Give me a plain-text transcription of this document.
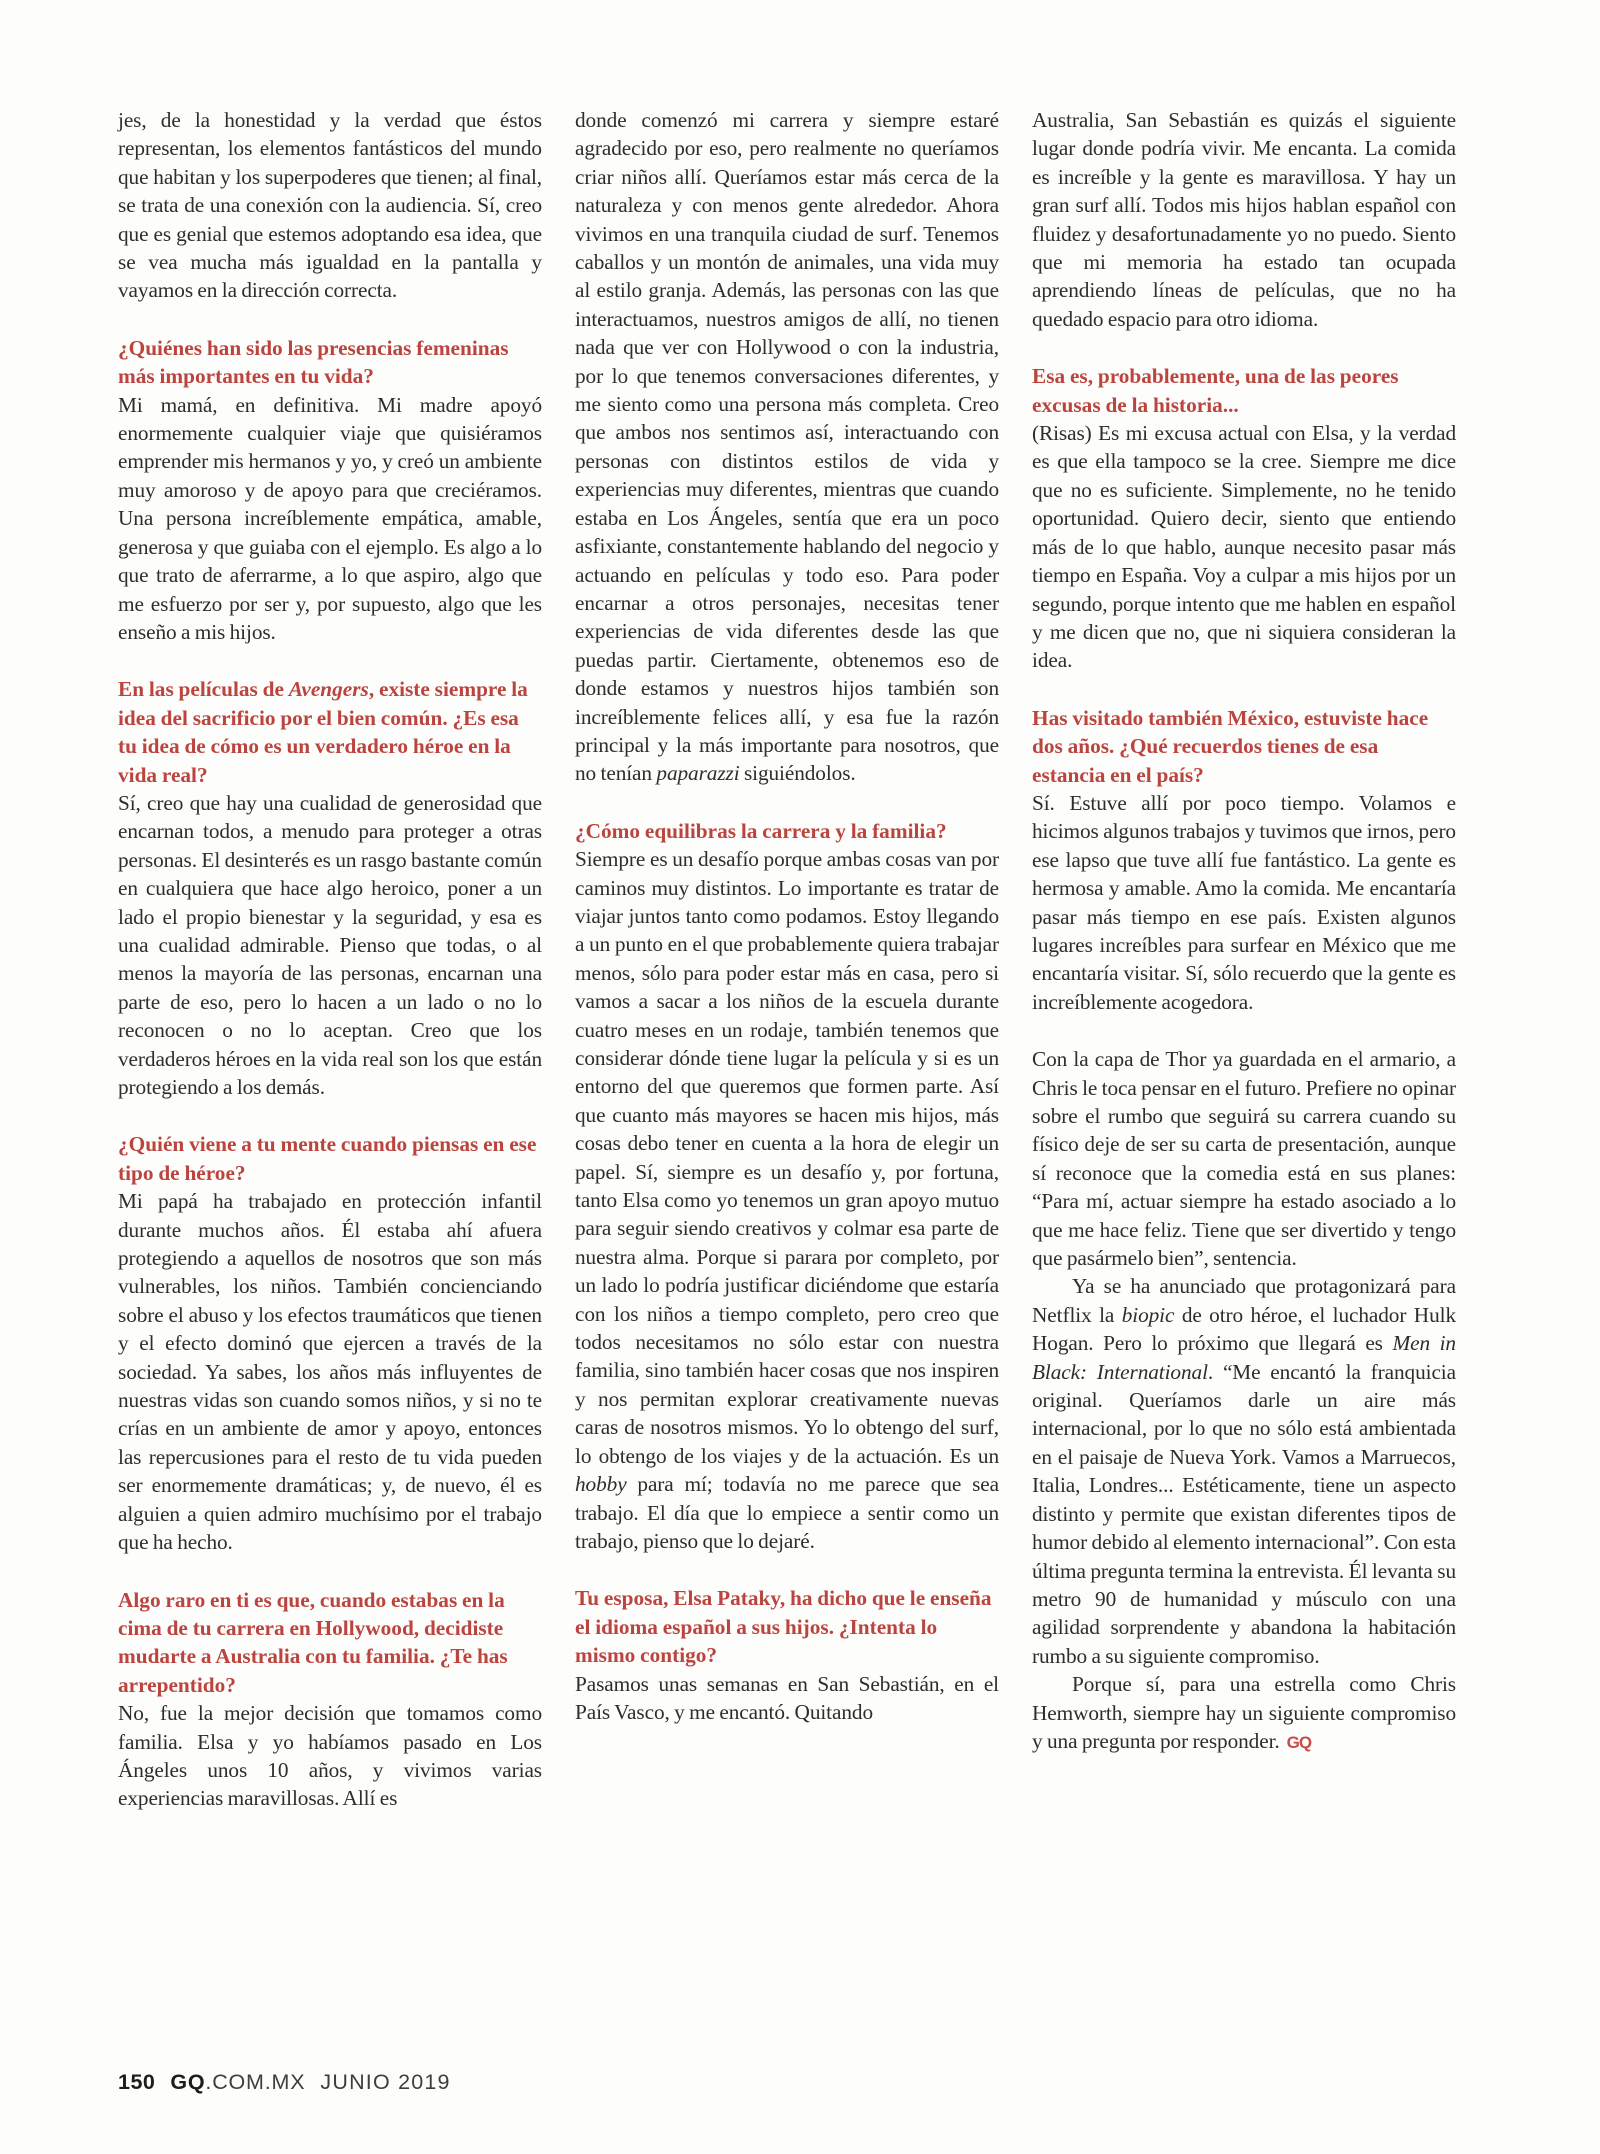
jes, de la honestidad y la verdad que éstos representan, los elementos fantásticos del mundo que habitan y los superpoderes que tienen; al final, se trata de una conexión con la audiencia. Sí, creo que es genial que estemos adoptando esa idea, que se vea mucha más igualdad en la pantalla y vayamos en la dirección correcta.

¿Quiénes han sido las presencias femeninas más importantes en tu vida?

Mi mamá, en definitiva. Mi madre apoyó enormemente cualquier viaje que quisiéramos emprender mis hermanos y yo, y creó un ambiente muy amoroso y de apoyo para que creciéramos. Una persona increíblemente empática, amable, generosa y que guiaba con el ejemplo. Es algo a lo que trato de aferrarme, a lo que aspiro, algo que me esfuerzo por ser y, por supuesto, algo que les enseño a mis hijos.

En las películas de Avengers, existe siempre la idea del sacrificio por el bien común. ¿Es esa tu idea de cómo es un verdadero héroe en la vida real?

Sí, creo que hay una cualidad de generosidad que encarnan todos, a menudo para proteger a otras personas. El desinterés es un rasgo bastante común en cualquiera que hace algo heroico, poner a un lado el propio bienestar y la seguridad, y esa es una cualidad admirable. Pienso que todas, o al menos la mayoría de las personas, encarnan una parte de eso, pero lo hacen a un lado o no lo reconocen o no lo aceptan. Creo que los verdaderos héroes en la vida real son los que están protegiendo a los demás.

¿Quién viene a tu mente cuando piensas en ese tipo de héroe?

Mi papá ha trabajado en protección infantil durante muchos años. Él estaba ahí afuera protegiendo a aquellos de nosotros que son más vulnerables, los niños. También concienciando sobre el abuso y los efectos traumáticos que tienen y el efecto dominó que ejercen a través de la sociedad. Ya sabes, los años más influyentes de nuestras vidas son cuando somos niños, y si no te crías en un ambiente de amor y apoyo, entonces las repercusiones para el resto de tu vida pueden ser enormemente dramáticas; y, de nuevo, él es alguien a quien admiro muchísimo por el trabajo que ha hecho.

Algo raro en ti es que, cuando estabas en la cima de tu carrera en Hollywood, decidiste mudarte a Australia con tu familia. ¿Te has arrepentido?

No, fue la mejor decisión que tomamos como familia. Elsa y yo habíamos pasado en Los Ángeles unos 10 años, y vivimos varias experiencias maravillosas. Allí es

donde comenzó mi carrera y siempre estaré agradecido por eso, pero realmente no queríamos criar niños allí. Queríamos estar más cerca de la naturaleza y con menos gente alrededor. Ahora vivimos en una tranquila ciudad de surf. Tenemos caballos y un montón de animales, una vida muy al estilo granja. Además, las personas con las que interactuamos, nuestros amigos de allí, no tienen nada que ver con Hollywood o con la industria, por lo que tenemos conversaciones diferentes, y me siento como una persona más completa. Creo que ambos nos sentimos así, interactuando con personas con distintos estilos de vida y experiencias muy diferentes, mientras que cuando estaba en Los Ángeles, sentía que era un poco asfixiante, constantemente hablando del negocio y actuando en películas y todo eso. Para poder encarnar a otros personajes, necesitas tener experiencias de vida diferentes desde las que puedas partir. Ciertamente, obtenemos eso de donde estamos y nuestros hijos también son increíblemente felices allí, y esa fue la razón principal y la más importante para nosotros, que no tenían paparazzi siguiéndolos.

¿Cómo equilibras la carrera y la familia?

Siempre es un desafío porque ambas cosas van por caminos muy distintos. Lo importante es tratar de viajar juntos tanto como podamos. Estoy llegando a un punto en el que probablemente quiera trabajar menos, sólo para poder estar más en casa, pero si vamos a sacar a los niños de la escuela durante cuatro meses en un rodaje, también tenemos que considerar dónde tiene lugar la película y si es un entorno del que queremos que formen parte. Así que cuanto más mayores se hacen mis hijos, más cosas debo tener en cuenta a la hora de elegir un papel. Sí, siempre es un desafío y, por fortuna, tanto Elsa como yo tenemos un gran apoyo mutuo para seguir siendo creativos y colmar esa parte de nuestra alma. Porque si parara por completo, por un lado lo podría justificar diciéndome que estaría con los niños a tiempo completo, pero creo que todos necesitamos no sólo estar con nuestra familia, sino también hacer cosas que nos inspiren y nos permitan explorar creativamente nuevas caras de nosotros mismos. Yo lo obtengo del surf, lo obtengo de los viajes y de la actuación. Es un hobby para mí; todavía no me parece que sea trabajo. El día que lo empiece a sentir como un trabajo, pienso que lo dejaré.

Tu esposa, Elsa Pataky, ha dicho que le enseña el idioma español a sus hijos. ¿Intenta lo mismo contigo?

Pasamos unas semanas en San Sebastián, en el País Vasco, y me encantó. Quitando

Australia, San Sebastián es quizás el siguiente lugar donde podría vivir. Me encanta. La comida es increíble y la gente es maravillosa. Y hay un gran surf allí. Todos mis hijos hablan español con fluidez y desafortunadamente yo no puedo. Siento que mi memoria ha estado tan ocupada aprendiendo líneas de películas, que no ha quedado espacio para otro idioma.

Esa es, probablemente, una de las peores excusas de la historia...

(Risas) Es mi excusa actual con Elsa, y la verdad es que ella tampoco se la cree. Siempre me dice que no es suficiente. Simplemente, no he tenido oportunidad. Quiero decir, siento que entiendo más de lo que hablo, aunque necesito pasar más tiempo en España. Voy a culpar a mis hijos por un segundo, porque intento que me hablen en español y me dicen que no, que ni siquiera consideran la idea.

Has visitado también México, estuviste hace dos años. ¿Qué recuerdos tienes de esa estancia en el país?

Sí. Estuve allí por poco tiempo. Volamos e hicimos algunos trabajos y tuvimos que irnos, pero ese lapso que tuve allí fue fantástico. La gente es hermosa y amable. Amo la comida. Me encantaría pasar más tiempo en ese país. Existen algunos lugares increíbles para surfear en México que me encantaría visitar. Sí, sólo recuerdo que la gente es increíblemente acogedora.

Con la capa de Thor ya guardada en el armario, a Chris le toca pensar en el futuro. Prefiere no opinar sobre el rumbo que seguirá su carrera cuando su físico deje de ser su carta de presentación, aunque sí reconoce que la comedia está en sus planes: “Para mí, actuar siempre ha estado asociado a lo que me hace feliz. Tiene que ser divertido y tengo que pasármelo bien”, sentencia.

Ya se ha anunciado que protagonizará para Netflix la biopic de otro héroe, el luchador Hulk Hogan. Pero lo próximo que llegará es Men in Black: International. “Me encantó la franquicia original. Queríamos darle un aire más internacional, por lo que no sólo está ambientada en el paisaje de Nueva York. Vamos a Marruecos, Italia, Londres... Estéticamente, tiene un aspecto distinto y permite que existan diferentes tipos de humor debido al elemento internacional”. Con esta última pregunta termina la entrevista. Él levanta su metro 90 de humanidad y músculo con una agilidad sorprendente y abandona la habitación rumbo a su siguiente compromiso.

Porque sí, para una estrella como Chris Hemworth, siempre hay un siguiente compromiso y una pregunta por responder. GQ

150 GQ.COM.MX JUNIO 2019
